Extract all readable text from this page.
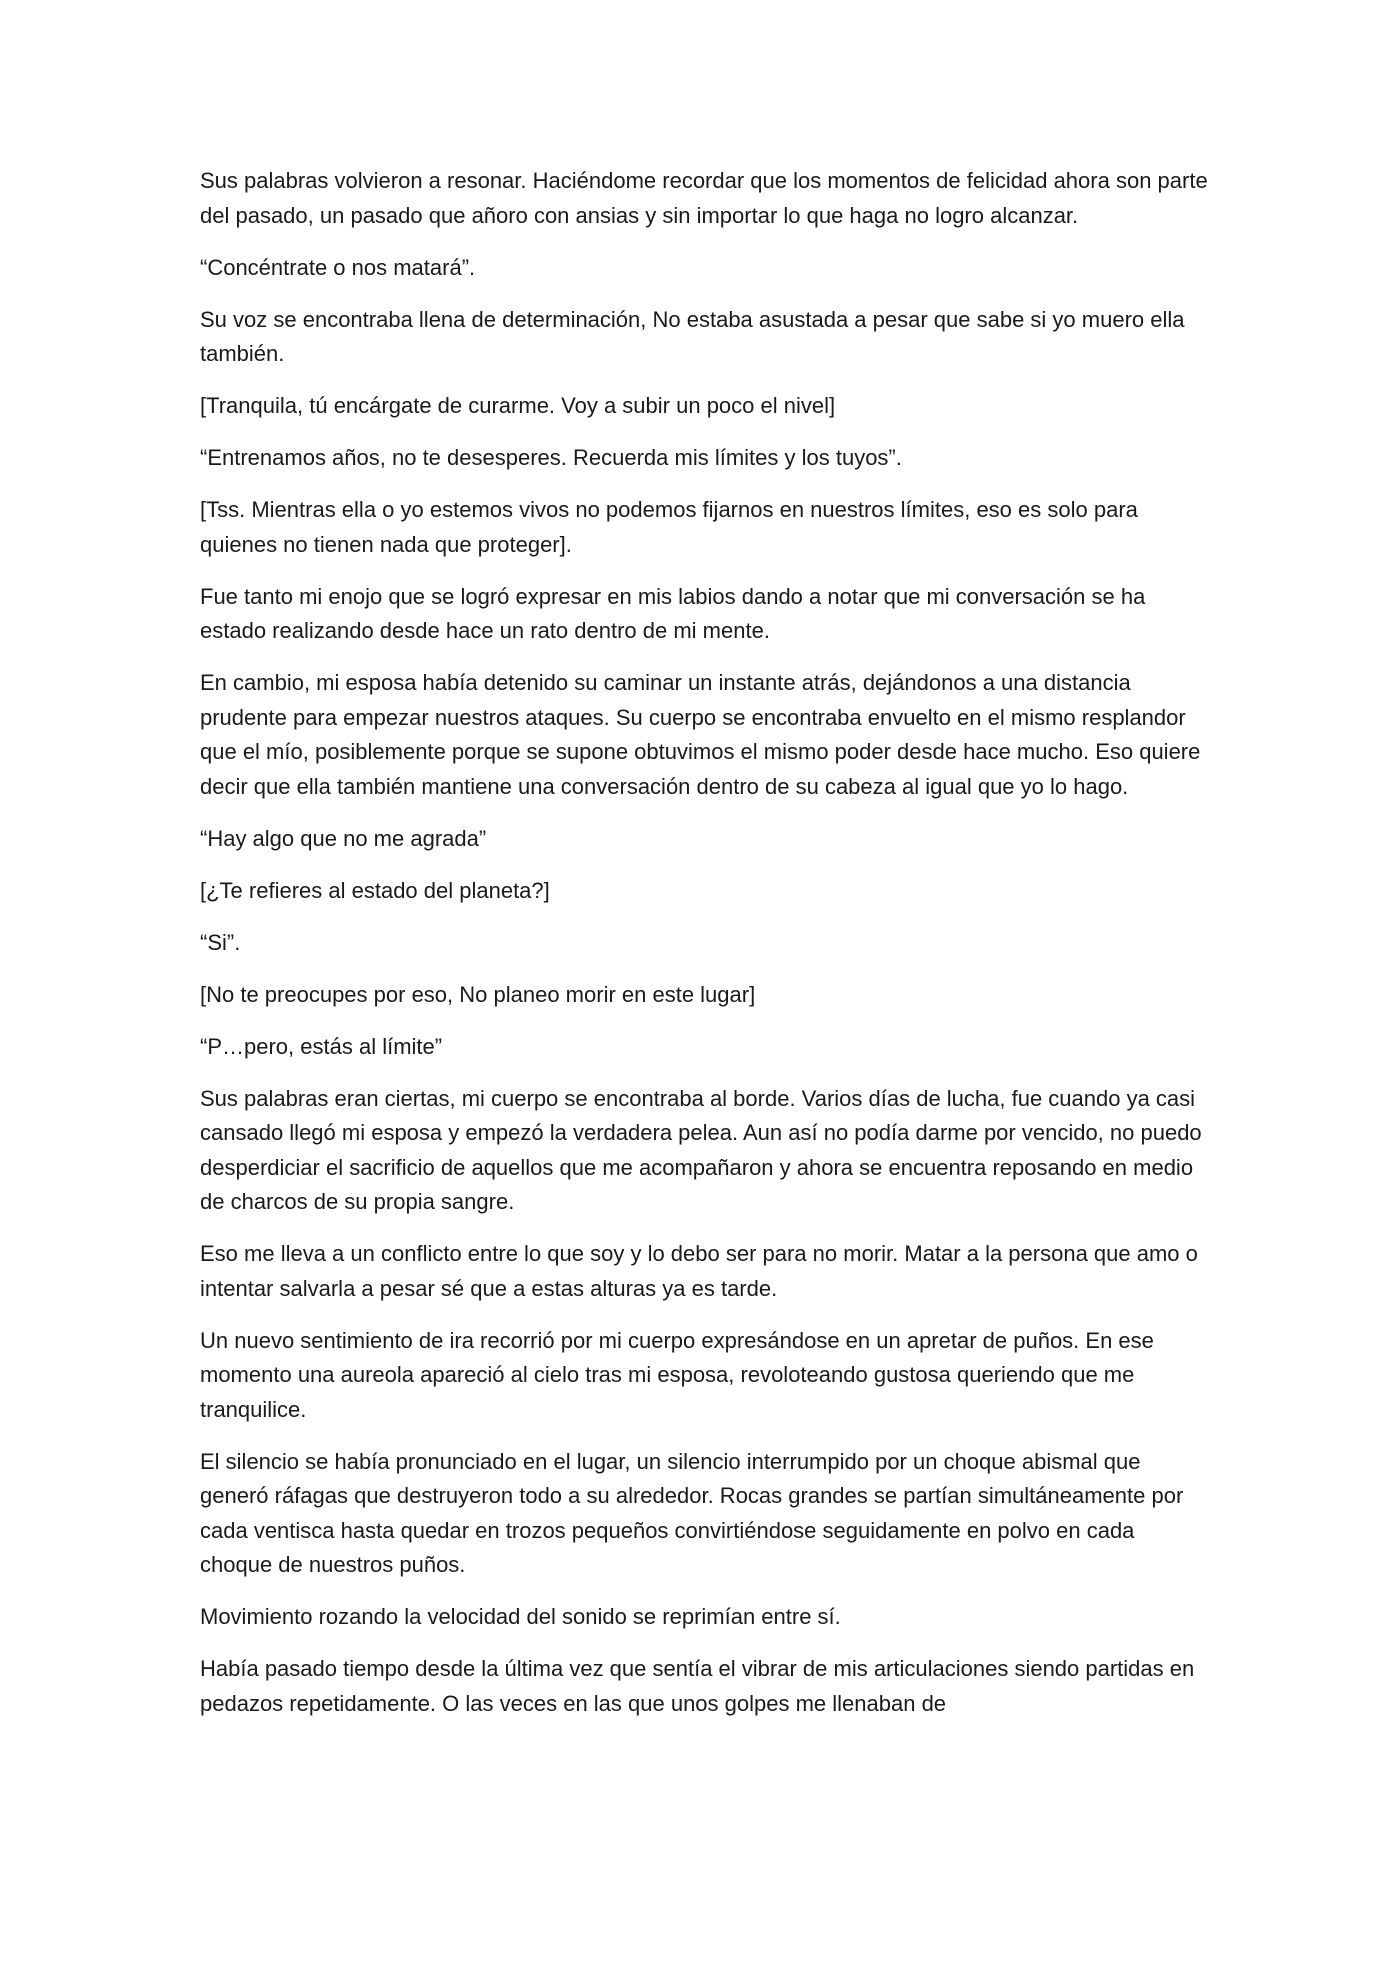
Sus palabras volvieron a resonar. Haciéndome recordar que los momentos de felicidad ahora son parte del pasado, un pasado que añoro con ansias y sin importar lo que haga no logro alcanzar.

“Concéntrate o nos matará”.

Su voz se encontraba llena de determinación, No estaba asustada a pesar que sabe si yo muero ella también.

[Tranquila, tú encárgate de curarme. Voy a subir un poco el nivel]

“Entrenamos años, no te desesperes. Recuerda mis límites y los tuyos”.

[Tss. Mientras ella o yo estemos vivos no podemos fijarnos en nuestros límites, eso es solo para quienes no tienen nada que proteger].

Fue tanto mi enojo que se logró expresar en mis labios dando a notar que mi conversación se ha estado realizando desde hace un rato dentro de mi mente.

En cambio, mi esposa había detenido su caminar un instante atrás, dejándonos a una distancia prudente para empezar nuestros ataques. Su cuerpo se encontraba envuelto en el mismo resplandor que el mío, posiblemente porque se supone obtuvimos el mismo poder desde hace mucho. Eso quiere decir que ella también mantiene una conversación dentro de su cabeza al igual que yo lo hago.

“Hay algo que no me agrada”

[¿Te refieres al estado del planeta?]

“Si”.

[No te preocupes por eso, No planeo morir en este lugar]

“P…pero, estás al límite”

Sus palabras eran ciertas, mi cuerpo se encontraba al borde. Varios días de lucha, fue cuando ya casi cansado llegó mi esposa y empezó la verdadera pelea. Aun así no podía darme por vencido, no puedo desperdiciar el sacrificio de aquellos que me acompañaron y ahora se encuentra reposando en medio de charcos de su propia sangre.

Eso me lleva a un conflicto entre lo que soy y lo debo ser para no morir. Matar a la persona que amo o intentar salvarla a pesar sé que a estas alturas ya es tarde.

Un nuevo sentimiento de ira recorrió por mi cuerpo expresándose en un apretar de puños. En ese momento una aureola apareció al cielo tras mi esposa, revoloteando gustosa queriendo que me tranquilice.

El silencio se había pronunciado en el lugar, un silencio interrumpido por un choque abismal que generó ráfagas que destruyeron todo a su alrededor. Rocas grandes se partían simultáneamente por cada ventisca hasta quedar en trozos pequeños convirtiéndose seguidamente en polvo en cada choque de nuestros puños.

Movimiento rozando la velocidad del sonido se reprimían entre sí.

Había pasado tiempo desde la última vez que sentía el vibrar de mis articulaciones siendo partidas en pedazos repetidamente. O las veces en las que unos golpes me llenaban de
